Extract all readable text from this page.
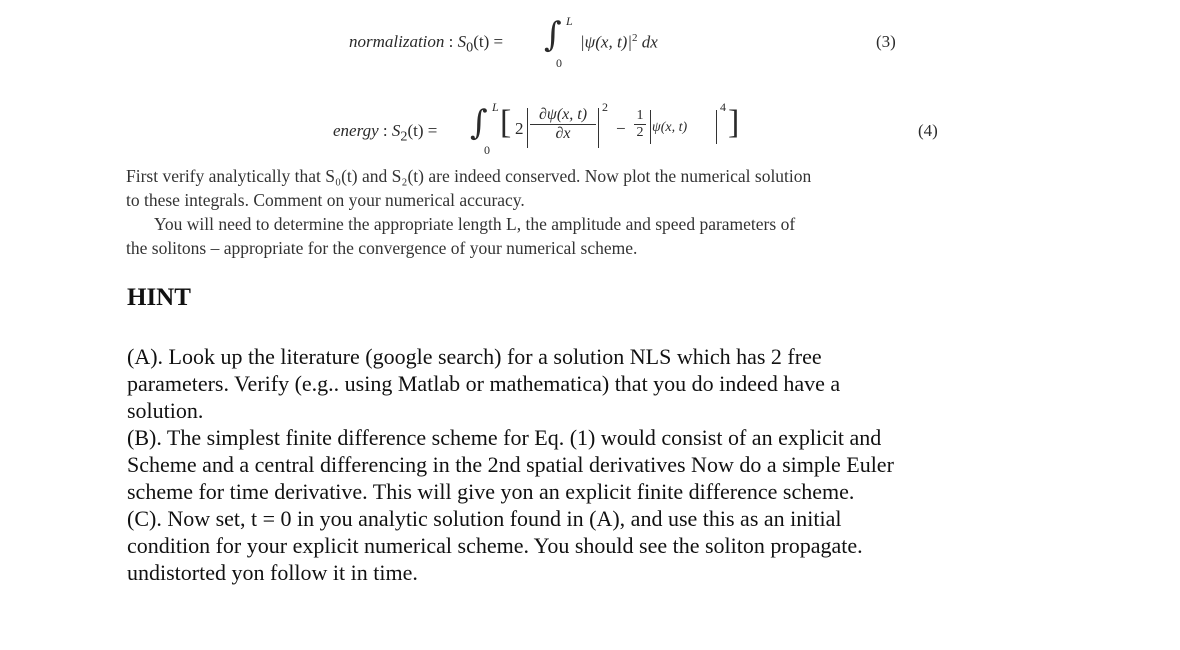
normalization : $S_0(t)$ = ∫ L
0
|ψ(x, $t)|^2$ dx	(3)
energy : $S_2(t)$ = ∫ L
0
[ 2
∂ψ(x, t)
∂x
2
−
1
2 ψ(x, t)
4 ]	(4)
First verify analytically that S₀(t) and S₂(t) are indeed conserved. Now plot the numerical solution
to these integrals. Comment on your numerical accuracy.
You will need to determine the appropriate length L, the amplitude and speed parameters of
the solitons – appropriate for the convergence of your numerical scheme.
HINT

(A). Look up the literature (google search) for a solution NLS which has 2 free

parameters. Verify (e.g.. using Matlab or mathematica) that you do indeed have a

solution.

(B). The simplest finite difference scheme for Eq. (1) would consist of an explicit and

Scheme and a central differencing in the 2nd spatial derivatives Now do a simple Euler

scheme for time derivative. This will give yon an explicit finite difference scheme.

(C). Now set, t = 0 in you analytic solution found in (A), and use this as an initial

condition for your explicit numerical scheme. You should see the soliton propagate.

undistorted yon follow it in time.
